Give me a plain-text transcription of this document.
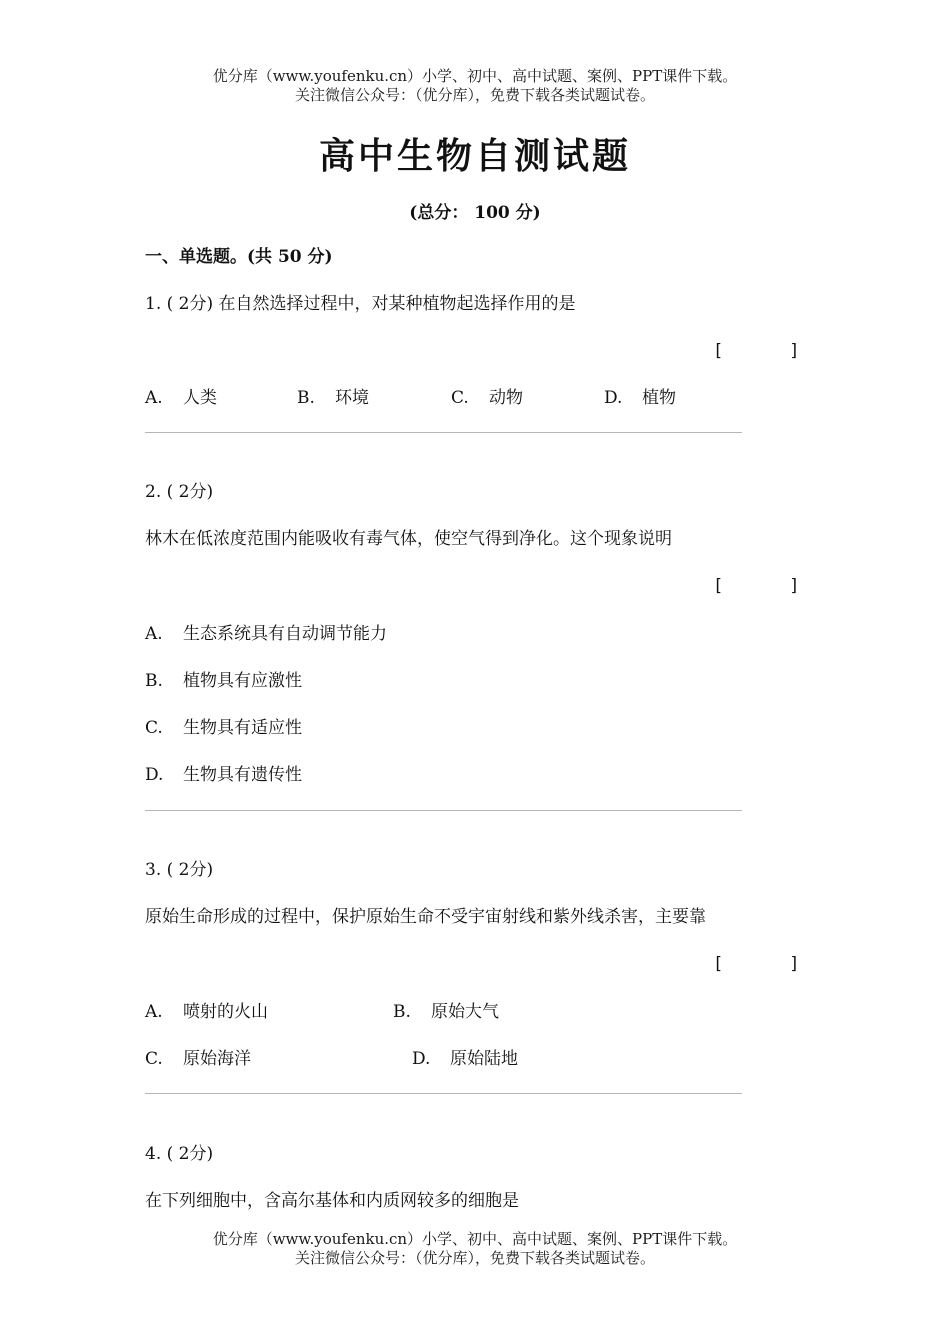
优分库（www.youfenku.cn）小学、初中、高中试题、案例、PPT课件下载。
关注微信公众号：（优分库），免费下载各类试题试卷。
高中生物自测试题
(总分： 100 分)
一、单选题。(共 50 分)
1. ( 2分) 在自然选择过程中，对某种植物起选择作用的是
[	]
A. 人类	B. 环境	C. 动物	D. 植物
2. ( 2分)
林木在低浓度范围内能吸收有毒气体，使空气得到净化。这个现象说明
[	]
A. 生态系统具有自动调节能力
B. 植物具有应激性
C. 生物具有适应性
D. 生物具有遗传性
3. ( 2分)
原始生命形成的过程中，保护原始生命不受宇宙射线和紫外线杀害，主要靠
[	]
A. 喷射的火山	B. 原始大气
C. 原始海洋	D. 原始陆地
4. ( 2分)
在下列细胞中，含高尔基体和内质网较多的细胞是
优分库（www.youfenku.cn）小学、初中、高中试题、案例、PPT课件下载。
关注微信公众号：（优分库），免费下载各类试题试卷。
